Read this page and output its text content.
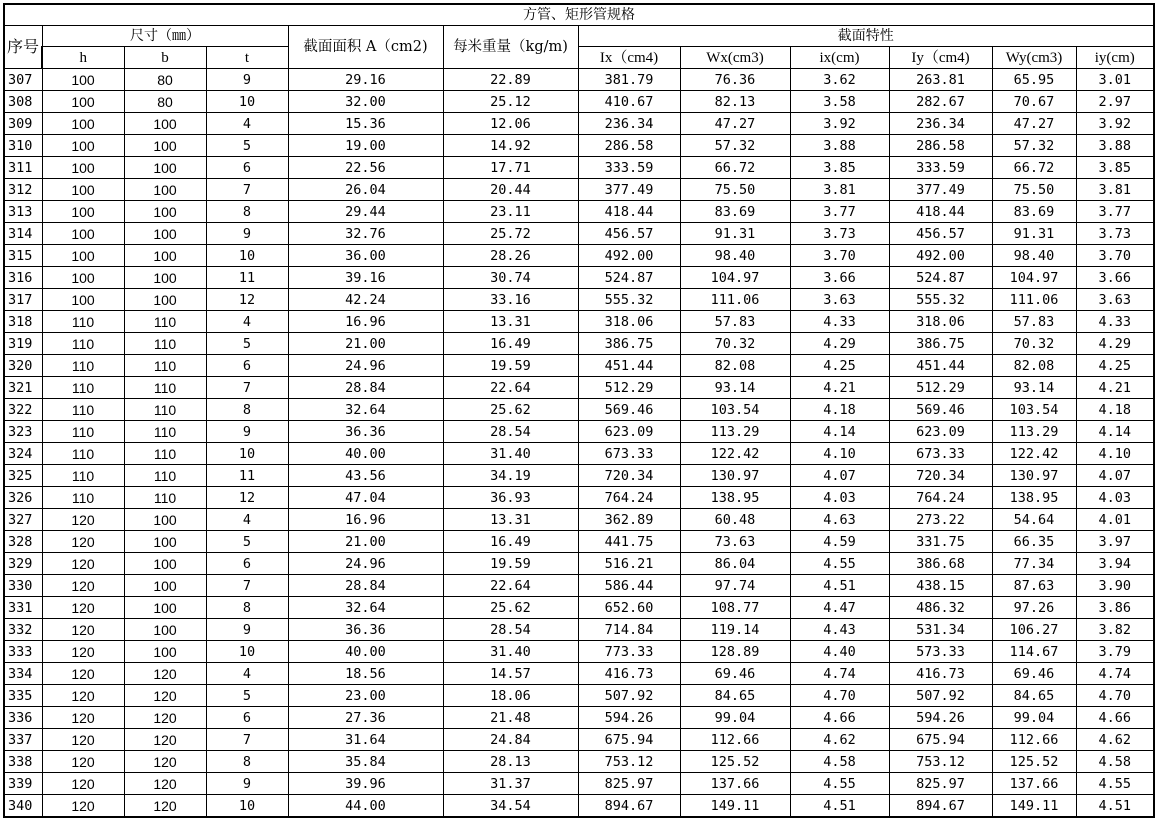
方管、矩形管规格											
序号	尺寸（㎜）			截面面积 A（cm2)	每米重量（kg/m)	截面特性					
	h	b	t			Ix（cm4)	Wx(cm3)	ix(cm)	Iy（cm4)	Wy(cm3)	iy(cm)
307	100	80	9	29.16	22.89	381.79	76.36	3.62	263.81	65.95	3.01
308	100	80	10	32.00	25.12	410.67	82.13	3.58	282.67	70.67	2.97
309	100	100	4	15.36	12.06	236.34	47.27	3.92	236.34	47.27	3.92
310	100	100	5	19.00	14.92	286.58	57.32	3.88	286.58	57.32	3.88
311	100	100	6	22.56	17.71	333.59	66.72	3.85	333.59	66.72	3.85
312	100	100	7	26.04	20.44	377.49	75.50	3.81	377.49	75.50	3.81
313	100	100	8	29.44	23.11	418.44	83.69	3.77	418.44	83.69	3.77
314	100	100	9	32.76	25.72	456.57	91.31	3.73	456.57	91.31	3.73
315	100	100	10	36.00	28.26	492.00	98.40	3.70	492.00	98.40	3.70
316	100	100	11	39.16	30.74	524.87	104.97	3.66	524.87	104.97	3.66
317	100	100	12	42.24	33.16	555.32	111.06	3.63	555.32	111.06	3.63
318	110	110	4	16.96	13.31	318.06	57.83	4.33	318.06	57.83	4.33
319	110	110	5	21.00	16.49	386.75	70.32	4.29	386.75	70.32	4.29
320	110	110	6	24.96	19.59	451.44	82.08	4.25	451.44	82.08	4.25
321	110	110	7	28.84	22.64	512.29	93.14	4.21	512.29	93.14	4.21
322	110	110	8	32.64	25.62	569.46	103.54	4.18	569.46	103.54	4.18
323	110	110	9	36.36	28.54	623.09	113.29	4.14	623.09	113.29	4.14
324	110	110	10	40.00	31.40	673.33	122.42	4.10	673.33	122.42	4.10
325	110	110	11	43.56	34.19	720.34	130.97	4.07	720.34	130.97	4.07
326	110	110	12	47.04	36.93	764.24	138.95	4.03	764.24	138.95	4.03
327	120	100	4	16.96	13.31	362.89	60.48	4.63	273.22	54.64	4.01
328	120	100	5	21.00	16.49	441.75	73.63	4.59	331.75	66.35	3.97
329	120	100	6	24.96	19.59	516.21	86.04	4.55	386.68	77.34	3.94
330	120	100	7	28.84	22.64	586.44	97.74	4.51	438.15	87.63	3.90
331	120	100	8	32.64	25.62	652.60	108.77	4.47	486.32	97.26	3.86
332	120	100	9	36.36	28.54	714.84	119.14	4.43	531.34	106.27	3.82
333	120	100	10	40.00	31.40	773.33	128.89	4.40	573.33	114.67	3.79
334	120	120	4	18.56	14.57	416.73	69.46	4.74	416.73	69.46	4.74
335	120	120	5	23.00	18.06	507.92	84.65	4.70	507.92	84.65	4.70
336	120	120	6	27.36	21.48	594.26	99.04	4.66	594.26	99.04	4.66
337	120	120	7	31.64	24.84	675.94	112.66	4.62	675.94	112.66	4.62
338	120	120	8	35.84	28.13	753.12	125.52	4.58	753.12	125.52	4.58
339	120	120	9	39.96	31.37	825.97	137.66	4.55	825.97	137.66	4.55
340	120	120	10	44.00	34.54	894.67	149.11	4.51	894.67	149.11	4.51
